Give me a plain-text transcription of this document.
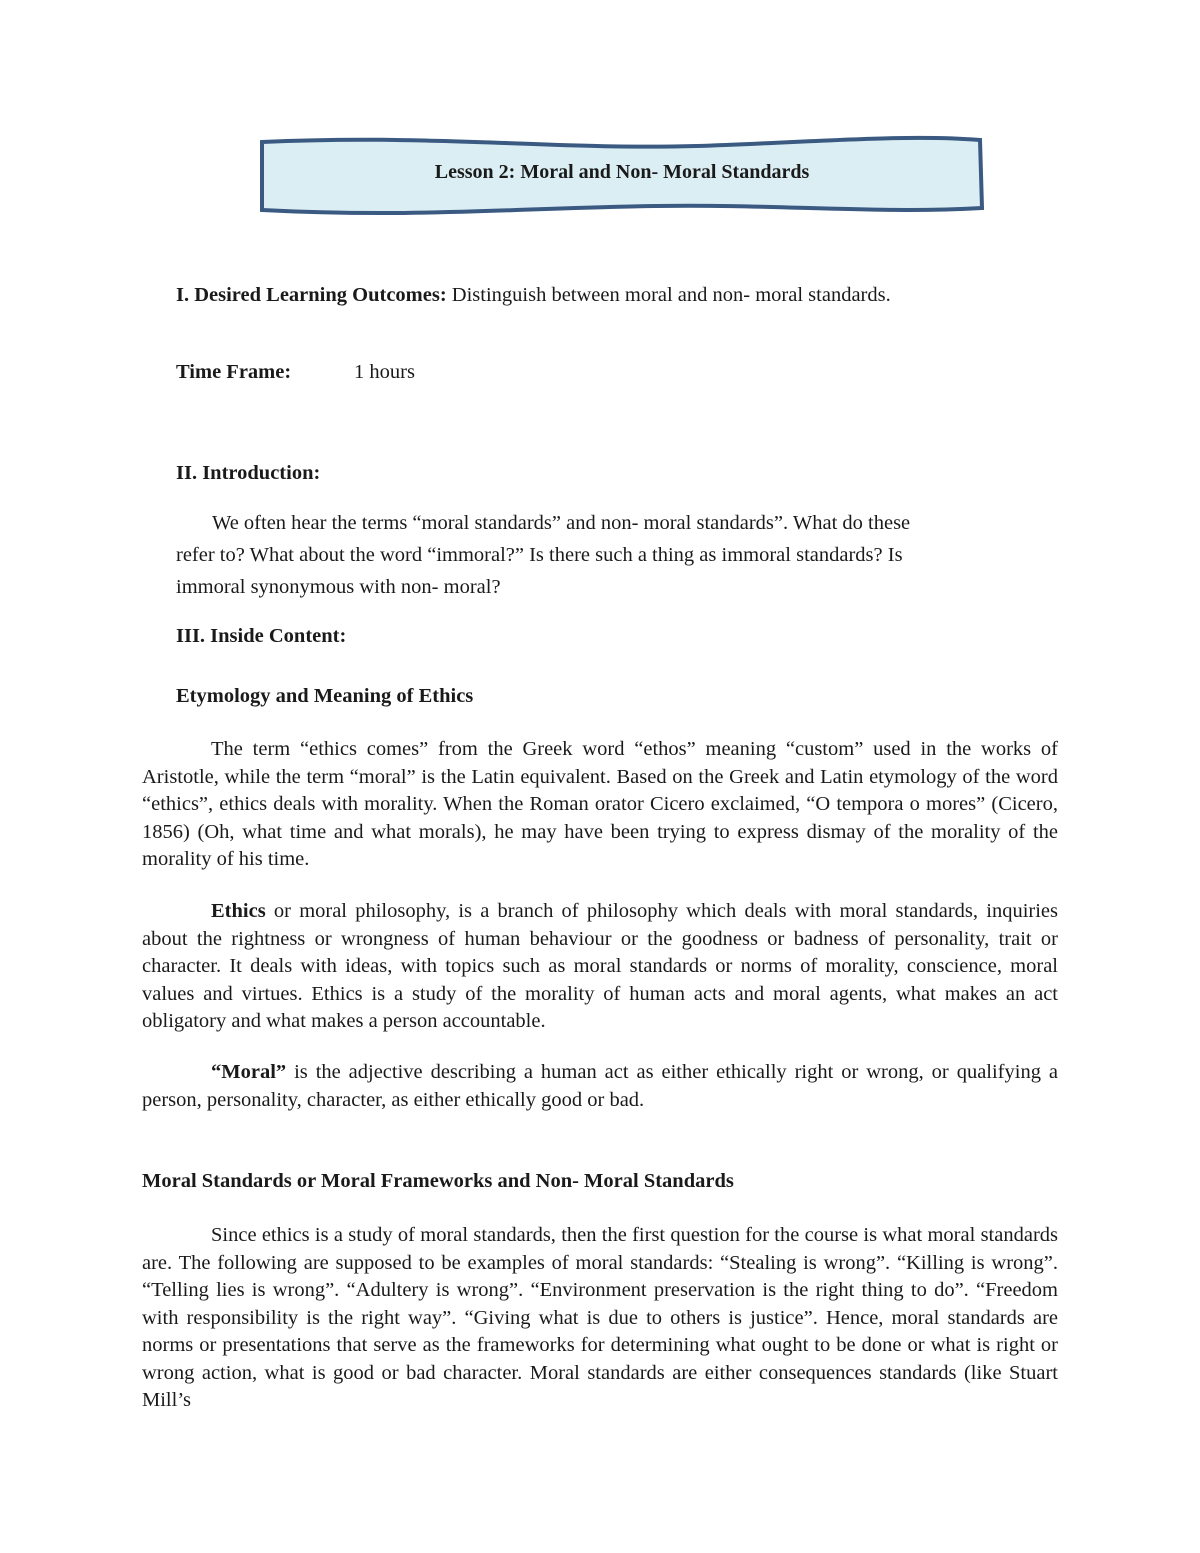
Lesson 2: Moral and Non- Moral Standards
I. Desired Learning Outcomes: Distinguish between moral and non- moral standards.
Time Frame:	1 hours
II. Introduction:
We often hear the terms “moral standards” and non- moral standards”. What do these
refer to? What about the word “immoral?” Is there such a thing as immoral standards? Is
immoral synonymous with non- moral?
III. Inside Content:
Etymology and Meaning of Ethics
The term “ethics comes” from the Greek word “ethos” meaning “custom” used in the works of Aristotle, while the term “moral” is the Latin equivalent. Based on the Greek and Latin etymology of the word “ethics”, ethics deals with morality. When the Roman orator Cicero exclaimed, “O tempora o mores” (Cicero, 1856) (Oh, what time and what morals), he may have been trying to express dismay of the morality of the morality of his time.
Ethics or moral philosophy, is a branch of philosophy which deals with moral standards, inquiries about the rightness or wrongness of human behaviour or the goodness or badness of personality, trait or character. It deals with ideas, with topics such as moral standards or norms of morality, conscience, moral values and virtues. Ethics is a study of the morality of human acts and moral agents, what makes an act obligatory and what makes a person accountable.
“Moral” is the adjective describing a human act as either ethically right or wrong, or qualifying a person, personality, character, as either ethically good or bad.
Moral Standards or Moral Frameworks and Non- Moral Standards
Since ethics is a study of moral standards, then the first question for the course is what moral standards are. The following are supposed to be examples of moral standards: “Stealing is wrong”. “Killing is wrong”. “Telling lies is wrong”. “Adultery is wrong”. “Environment preservation is the right thing to do”. “Freedom with responsibility is the right way”. “Giving what is due to others is justice”. Hence, moral standards are norms or presentations that serve as the frameworks for determining what ought to be done or what is right or wrong action, what is good or bad character. Moral standards are either consequences standards (like Stuart Mill’s
